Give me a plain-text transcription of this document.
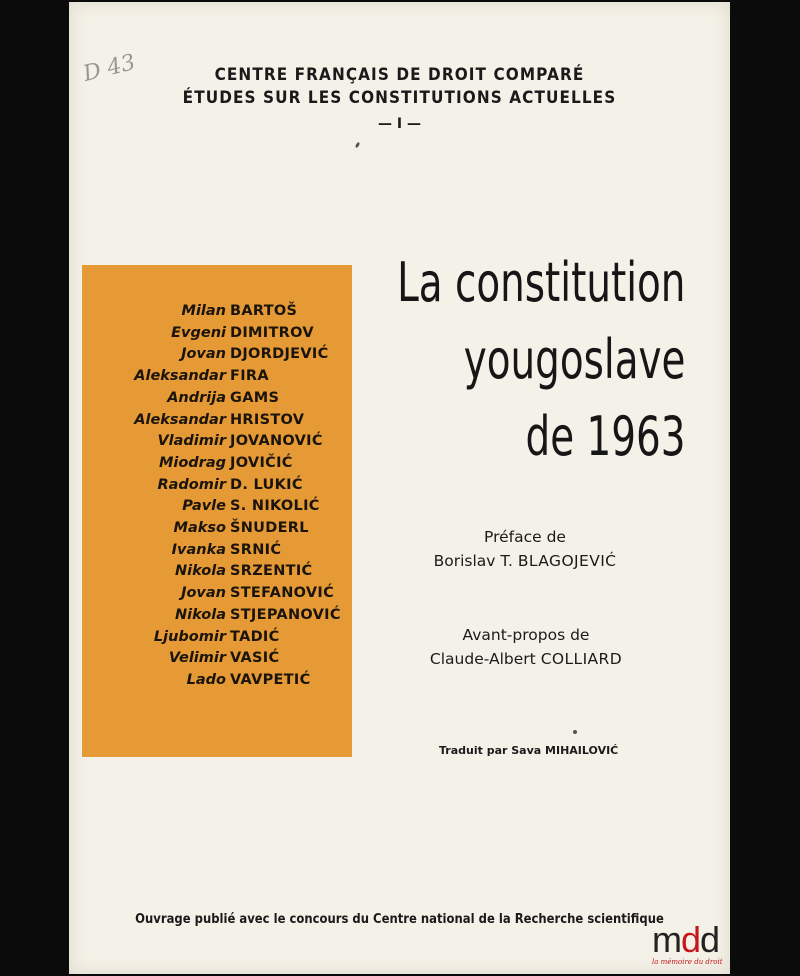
D 43	CENTRE FRANÇAIS DE DROIT COMPARÉ
ÉTUDES SUR LES CONSTITUTIONS ACTUELLES
— I —
Milan BARTOŠ
Evgeni DIMITROV
Jovan DJORDJEVIĆ
Aleksandar FIRA
Andrija GAMS
Aleksandar HRISTOV
Vladimir JOVANOVIĆ
Miodrag JOVIČIĆ
Radomir D. LUKIĆ
Pavle S. NIKOLIĆ
Makso ŠNUDERL
Ivanka SRNIĆ
Nikola SRZENTIĆ
Jovan STEFANOVIĆ
Nikola STJEPANOVIĆ
Ljubomir TADIĆ
Velimir VASIĆ
Lado VAVPETIĆ
La constitution
yougoslave
de 1963
Préface de
Borislav T. BLAGOJEVIĆ
Avant-propos de
Claude-Albert COLLIARD
Traduit par Sava MIHAILOVIĆ
Ouvrage publié avec le concours du Centre national de la Recherche scientifique
mdd
la mémoire du droit
